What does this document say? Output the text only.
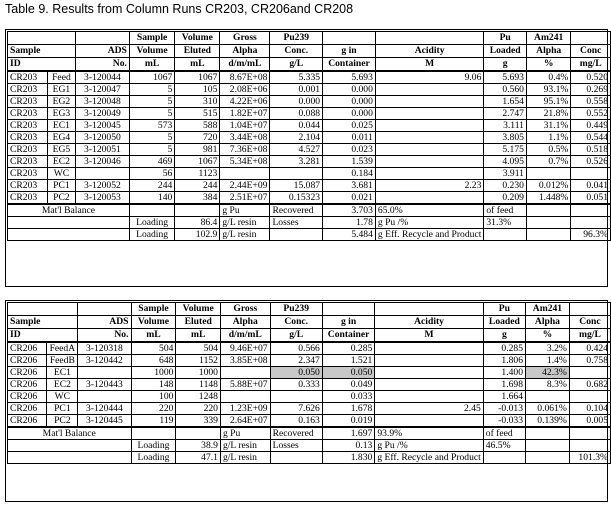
Table 9. Results from Column Runs CR203, CR206and CR208
			Sample	Volume	Gross	Pu239			Pu	Am241	
Sample		ADS	Volume	Eluted	Alpha	Conc.	g in	Acidity	Loaded	Alpha	Conc
ID		No.	mL	mL	d/m/mL	g/L	Container	M	g	%	mg/L
CR203	Feed	3-120044	1067	1067	8.67E+08	5.335	5.693	9.06	5.693	0.4%	0.520
CR203	EG1	3-120047	5	105	2.08E+06	0.001	0.000		0.560	93.1%	0.269
CR203	EG2	3-120048	5	310	4.22E+06	0.000	0.000		1.654	95.1%	0.558
CR203	EG3	3-120049	5	515	1.82E+07	0.088	0.000		2.747	21.8%	0.552
CR203	EC1	3-120045	573	588	1.04E+07	0.044	0.025		3.111	31.1%	0.449
CR203	EG4	3-120050	5	720	3.44E+08	2.104	0.011		3.805	1.1%	0.544
CR203	EG5	3-120051	5	981	7.36E+08	4.527	0.023		5.175	0.5%	0.518
CR203	EC2	3-120046	469	1067	5.34E+08	3.281	1.539		4.095	0.7%	0.526
CR203	WC		56	1123			0.184		3.911		
CR203	PC1	3-120052	244	244	2.44E+09	15.087	3.681	2.23	0.230	0.012%	0.041
CR203	PC2	3-120053	140	384	2.51E+07	0.15323	0.021		0.209	1.448%	0.051
Mat'l Balance					g Pu	Recovered	3.703	65.0%	of feed		
			Loading	86.4	g/L resin	Losses	1.78	g Pu /%	31.3%		
			Loading	102.9	g/L resin		5.484	g Eff. Recycle and Product			96.3%
			Sample	Volume	Gross	Pu239			Pu	Am241	
Sample		ADS	Volume	Eluted	Alpha	Conc.	g in	Acidity	Loaded	Alpha	Conc
ID		No.	mL	mL	d/m/mL	g/L	Container	M	g	%	mg/L
CR206	FeedA	3-120318	504	504	9.46E+07	0.566	0.285		0.285	3.2%	0.424
CR206	FeedB	3-120442	648	1152	3.85E+08	2.347	1.521		1.806	1.4%	0.758
CR206	EC1		1000	1000		0.050	0.050		1.400	42.3%	
CR206	EC2	3-120443	148	1148	5.88E+07	0.333	0.049		1.698	8.3%	0.682
CR206	WC		100	1248			0.033		1.664		
CR206	PC1	3-120444	220	220	1.23E+09	7.626	1.678	2.45	-0.013	0.061%	0.104
CR206	PC2	3-120445	119	339	2.64E+07	0.163	0.019		-0.033	0.139%	0.005
Mat'l Balance					g Pu	Recovered	1.697	93.9%	of feed		
			Loading	38.9	g/L resin	Losses	0.13	g Pu /%	46.5%		
			Loading	47.1	g/L resin		1.830	g Eff. Recycle and Product			101.3%
